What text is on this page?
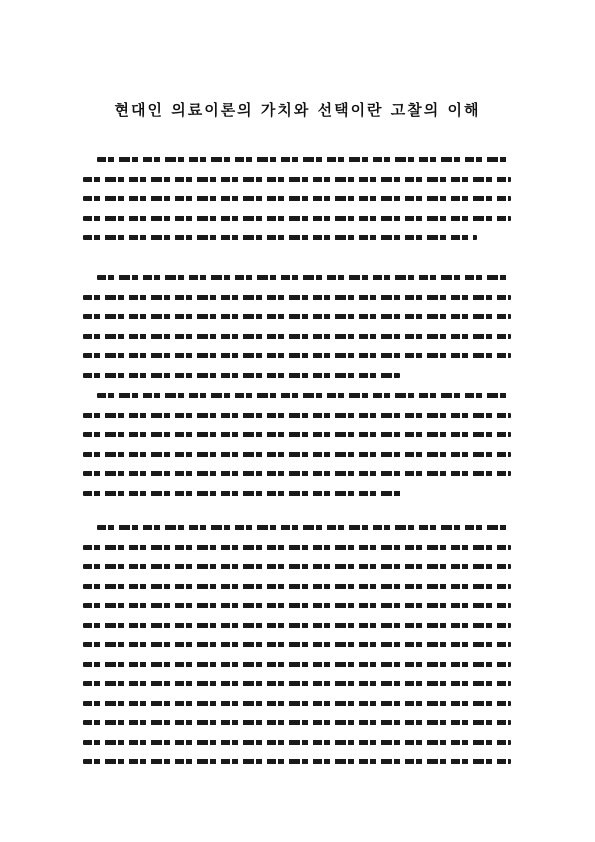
현대인 의료이론의 가치와 선택이란 고찰의 이해
